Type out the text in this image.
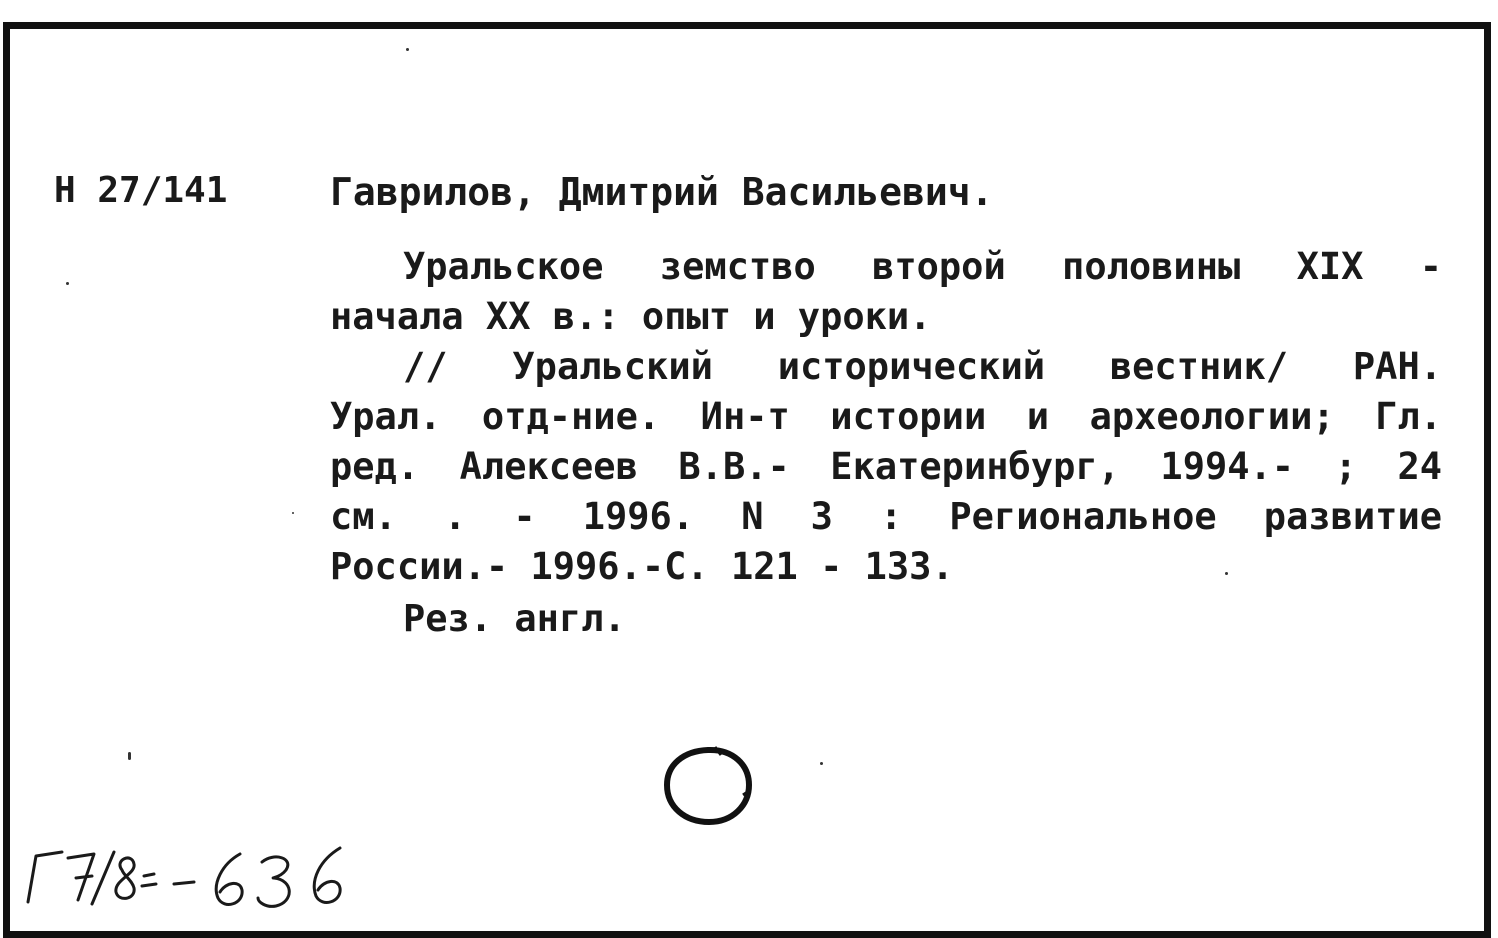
Н 27/141	Гаврилов, Дмитрий Васильевич.
Уральское земство второй половины XIX -
начала XX в.: опыт и уроки.
// Уральский исторический вестник/ РАН.
Урал. отд-ние. Ин-т истории и археологии; Гл.
ред. Алексеев В.В.- Екатеринбург, 1994.- ; 24
см. . - 1996. N 3 : Региональное развитие
России.- 1996.-С. 121 - 133.
Рез. англ.
